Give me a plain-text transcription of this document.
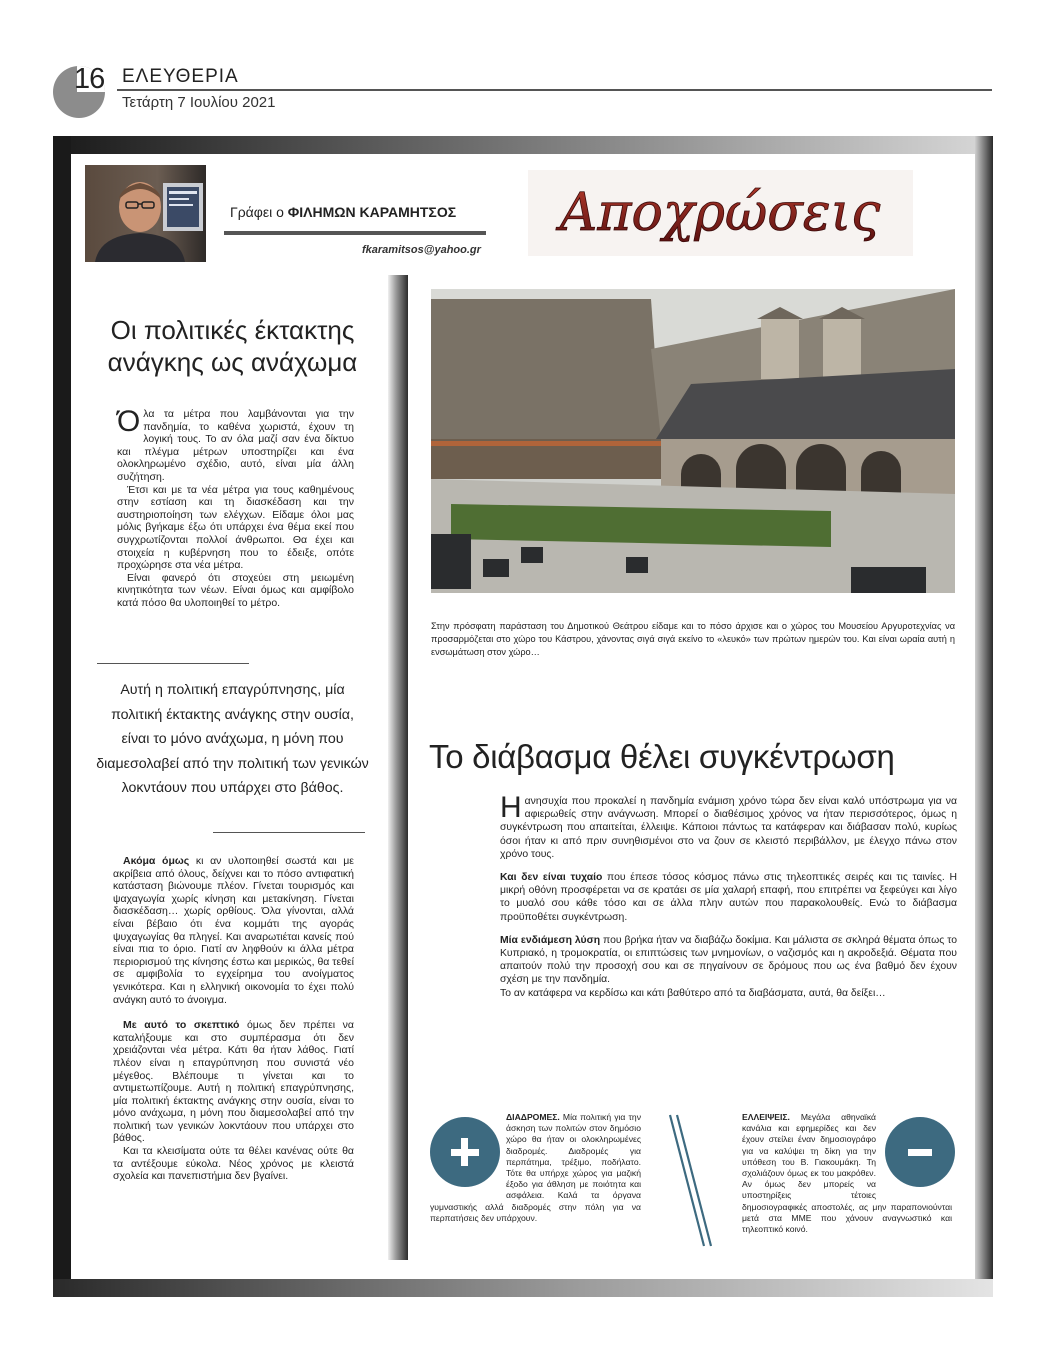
16 ΕΛΕΥΘΕΡΙΑ
Τετάρτη 7 Ιουλίου 2021
Γράφει ο ΦΙΛΗΜΩΝ ΚΑΡΑΜΗΤΣΟΣ
fkaramitsos@yahoo.gr
Αποχρώσεις
Οι πολιτικές έκτακτης
ανάγκης ως ανάχωμα

Όλα τα μέτρα που λαμβάνονται για την πανδημία, το καθένα χωριστά, έχουν τη λογική τους. Το αν όλα μαζί σαν ένα δίκτυο και πλέγμα μέτρων υποστηρίζει και ένα ολοκληρωμένο σχέδιο, αυτό, είναι μία άλλη συζήτηση.

Έτσι και με τα νέα μέτρα για τους καθημένους στην εστίαση και τη διασκέδαση και την αυστηριοποίηση των ελέγχων. Είδαμε όλοι μας μόλις βγήκαμε έξω ότι υπάρχει ένα θέμα εκεί που συγχρωτίζονται πολλοί άνθρωποι. Θα έχει και στοιχεία η κυβέρνηση που το έδειξε, οπότε προχώρησε στα νέα μέτρα.

Είναι φανερό ότι στοχεύει στη μειωμένη κινητικότητα των νέων. Είναι όμως και αμφίβολο κατά πόσο θα υλοποιηθεί το μέτρο.

Αυτή η πολιτική επαγρύπνησης, μία πολιτική έκτακτης ανάγκης στην ουσία, είναι το μόνο ανάχωμα, η μόνη που διαμεσολαβεί από την πολιτική των γενικών λοκντάουν που υπάρχει στο βάθος.

Ακόμα όμως κι αν υλοποιηθεί σωστά και με ακρίβεια από όλους, δείχνει και το πόσο αντιφατική κατάσταση βιώνουμε πλέον. Γίνεται τουρισμός και ψαχαγωγία χωρίς κίνηση και μετακίνηση. Γίνεται διασκέδαση… χωρίς ορθίους. Όλα γίνονται, αλλά είναι βέβαιο ότι ένα κομμάτι της αγοράς ψυχαγωγίας θα πληγεί. Και αναρωτιέται κανείς πού είναι πια το όριο. Γιατί αν ληφθούν κι άλλα μέτρα περιορισμού της κίνησης έστω και μερικώς, θα τεθεί σε αμφιβολία το εγχείρημα του ανοίγματος γενικότερα. Και η ελληνική οικονομία το έχει πολύ ανάγκη αυτό το άνοιγμα.

Με αυτό το σκεπτικό όμως δεν πρέπει να καταλήξουμε και στο συμπέρασμα ότι δεν χρειάζονται νέα μέτρα. Κάτι θα ήταν λάθος. Γιατί πλέον είναι η επαγρύπνηση που συνιστά νέο μέγεθος. Βλέπουμε τι γίνεται και το αντιμετωπίζουμε. Αυτή η πολιτική επαγρύπνησης, μία πολιτική έκτακτης ανάγκης στην ουσία, είναι το μόνο ανάχωμα, η μόνη που διαμεσολαβεί από την πολιτική των γενικών λοκντάουν που υπάρχει στο βάθος.

Και τα κλεισίματα ούτε τα θέλει κανένας ούτε θα τα αντέξουμε εύκολα. Νέος χρόνος με κλειστά σχολεία και πανεπιστήμια δεν βγαίνει.

Στην πρόσφατη παράσταση του Δημοτικού Θεάτρου είδαμε και το πόσο άρχισε και ο χώρος του Μουσείου Αργυροτεχνίας να προσαρμόζεται στο χώρο του Κάστρου, χάνοντας σιγά σιγά εκείνο το «λευκό» των πρώτων ημερών του. Και είναι ωραία αυτή η ενσωμάτωση στον χώρο…
Το διάβασμα θέλει συγκέντρωση

Ηανησυχία που προκαλεί η πανδημία ενάμιση χρόνο τώρα δεν είναι καλό υπόστρωμα για να αφιερωθείς στην ανάγνωση. Μπορεί ο διαθέσιμος χρόνος να ήταν περισσότερος, όμως η συγκέντρωση που απαιτείται, έλλειψε. Κάποιοι πάντως τα κατάφεραν και διάβασαν πολύ, κυρίως όσοι ήταν κι από πριν συνηθισμένοι στο να ζουν σε κλειστό περιβάλλον, με έλεγχο πάνω στον χρόνο τους.

Και δεν είναι τυχαίο που έπεσε τόσος κόσμος πάνω στις τηλεοπτικές σειρές και τις ταινίες. Η μικρή οθόνη προσφέρεται να σε κρατάει σε μία χαλαρή επαφή, που επιτρέπει να ξεφεύγει και λίγο το μυαλό σου κάθε τόσο και σε άλλα πλην αυτών που παρακολουθείς. Ενώ το διάβασμα προϋποθέτει συγκέντρωση.

Μία ενδιάμεση λύση που βρήκα ήταν να διαβάζω δοκίμια. Και μάλιστα σε σκληρά θέματα όπως το Κυπριακό, η τρομοκρατία, οι επιπτώσεις των μνημονίων, ο ναζισμός και η ακροδεξιά. Θέματα που απαιτούν πολύ την προσοχή σου και σε πηγαίνουν σε δρόμους που ως ένα βαθμό δεν έχουν σχέση με την πανδημία.

Το αν κατάφερα να κερδίσω και κάτι βαθύτερο από τα διαβάσματα, αυτά, θα δείξει…

ΔΙΑΔΡΟΜΕΣ. Μία πολιτική για την άσκηση των πολιτών στον δημόσιο χώρο θα ήταν οι ολοκληρωμένες διαδρομές. Διαδρομές για περπάτημα, τρέξιμο, ποδήλατο. Τότε θα υπήρχε χώρος για μαζική έξοδο για άθληση με ποιότητα και ασφάλεια. Καλά τα όργανα γυμναστικής αλλά διαδρομές στην πόλη για να περπατήσεις δεν υπάρχουν.
ΕΛΛΕΙΨΕΙΣ. Μεγάλα αθηναϊκά κανάλια και εφημερίδες και δεν έχουν στείλει έναν δημοσιογράφο για να καλύψει τη δίκη για την υπόθεση του Β. Γιακουμάκη. Τη σχολιάζουν όμως εκ του μακρόθεν. Αν όμως δεν μπορείς να υποστηρίξεις τέτοιες δημοσιογραφικές αποστολές, ας μην παραπονιούνται μετά στα ΜΜΕ που χάνουν αναγνωστικό και τηλεοπτικό κοινό.
